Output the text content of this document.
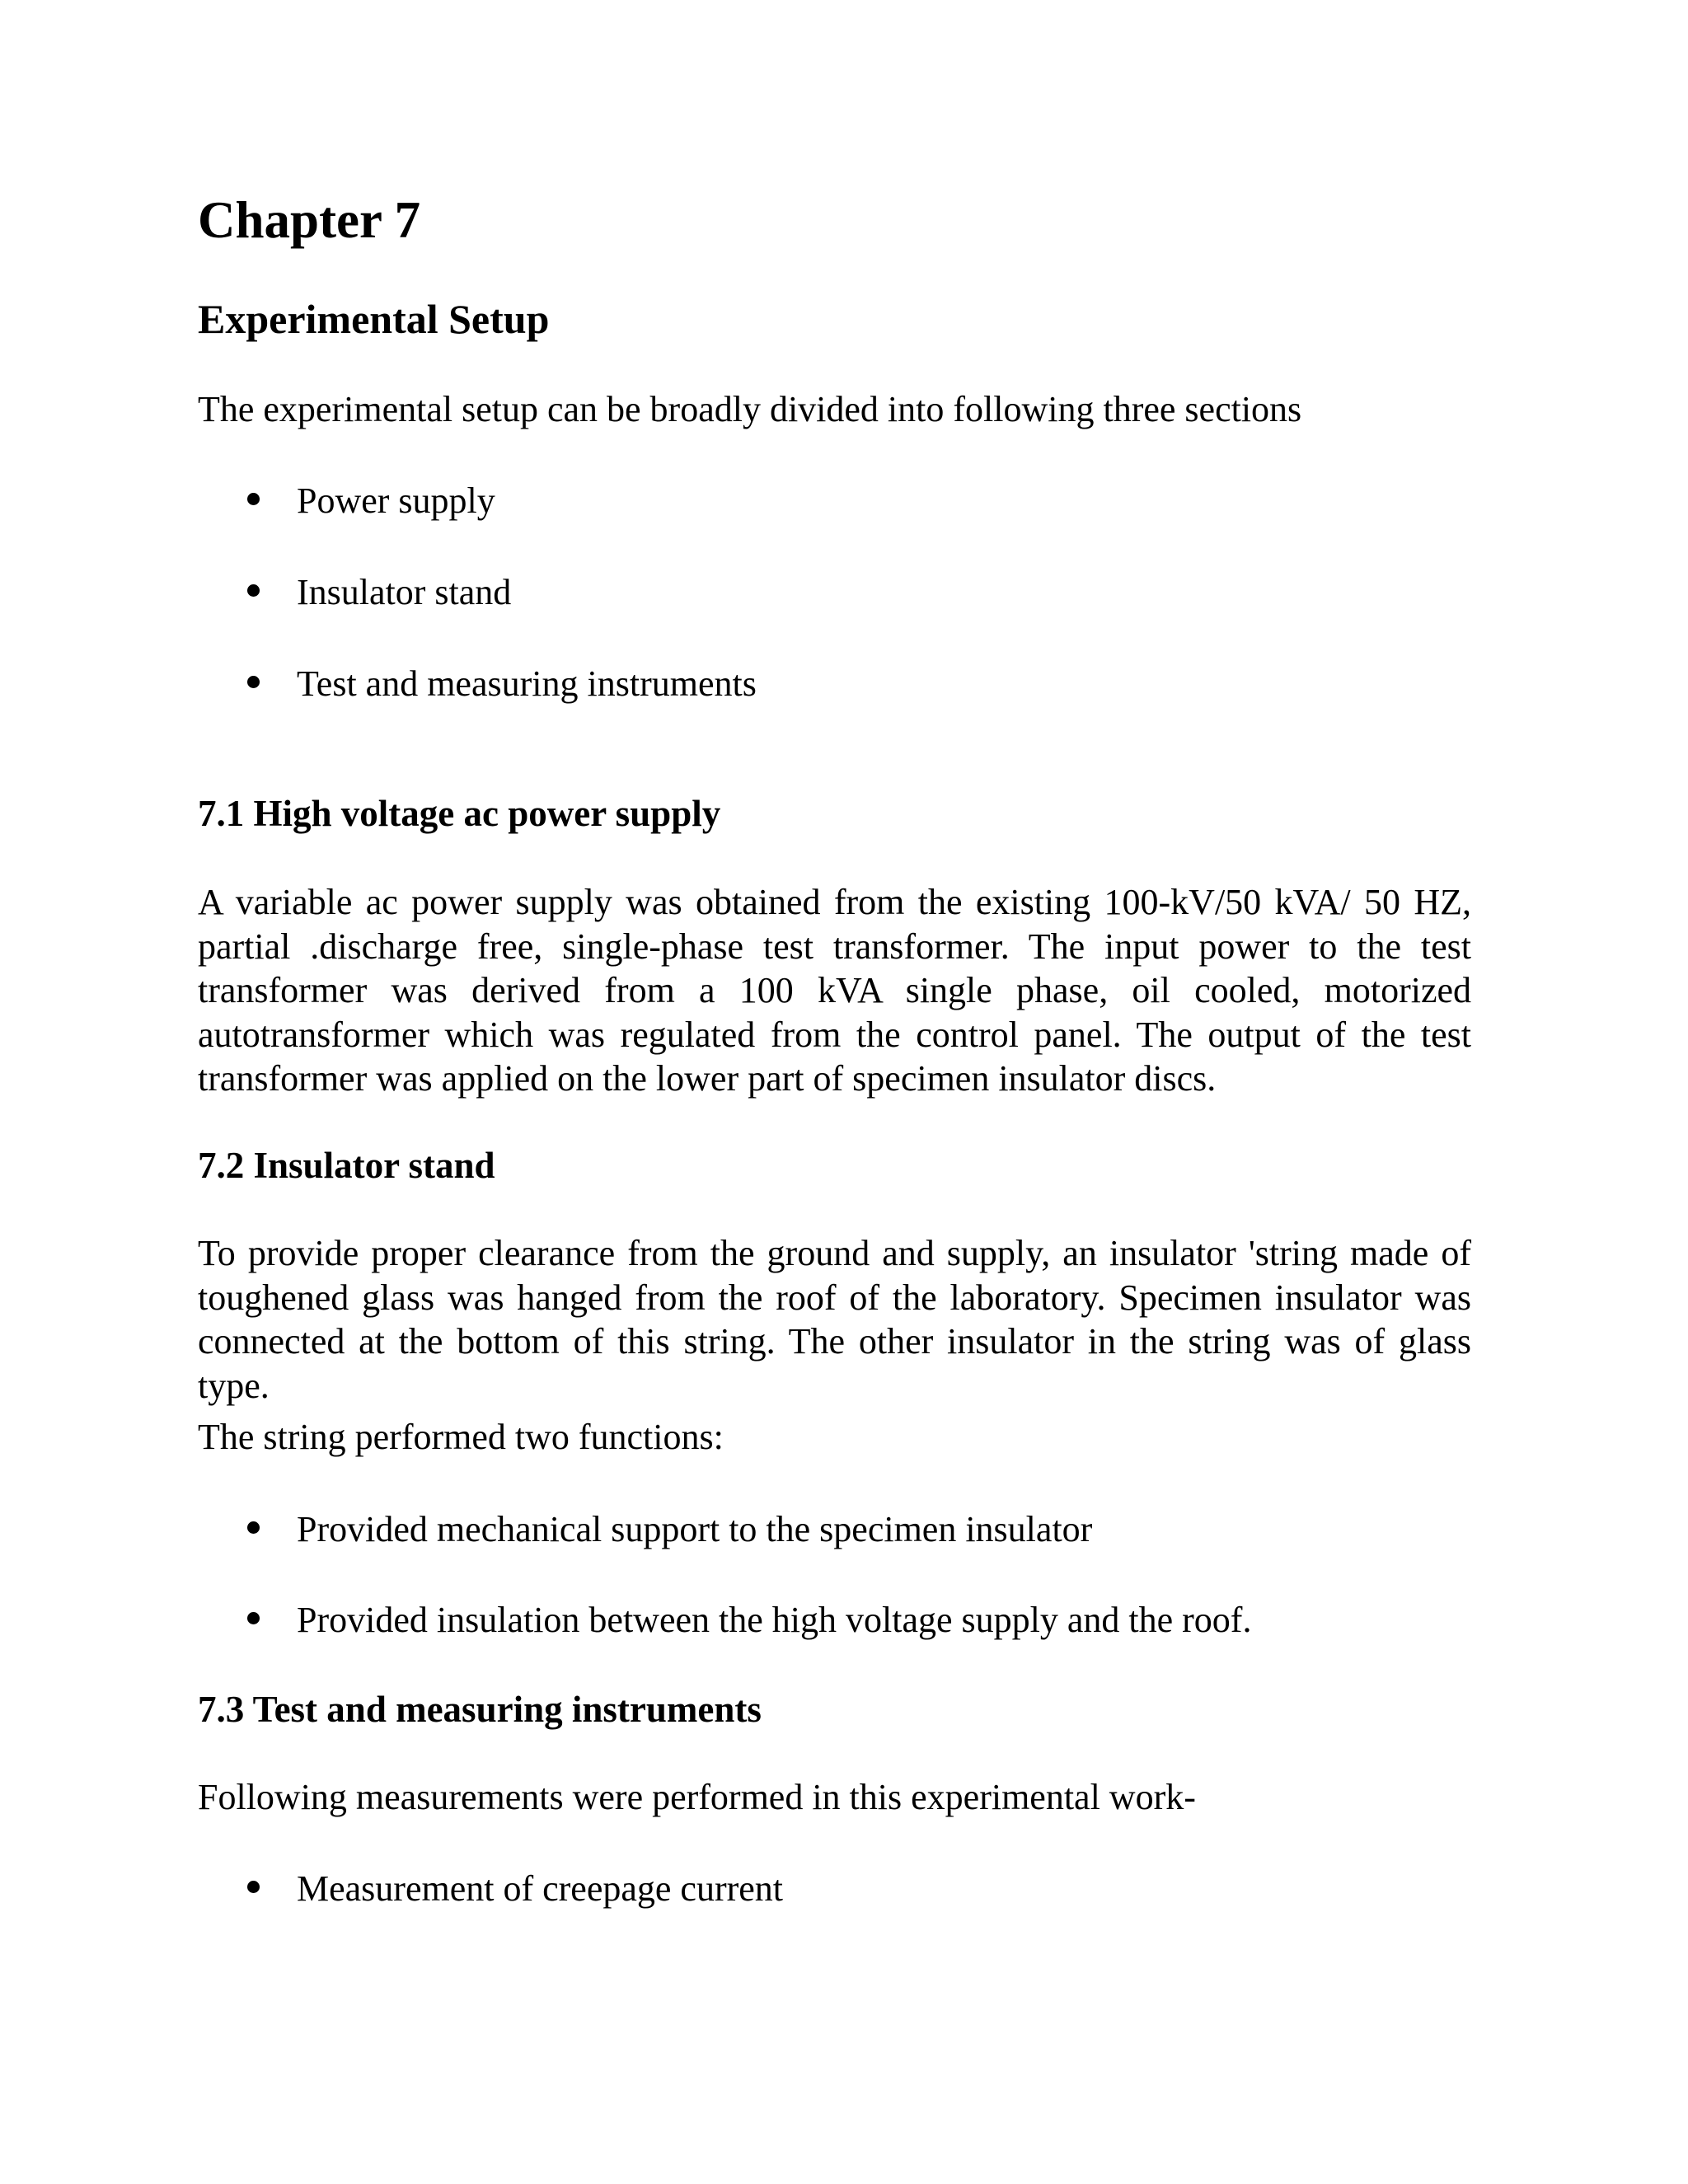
Chapter 7
Experimental Setup
The experimental setup can be broadly divided into following three sections
Power supply
Insulator stand
Test and measuring instruments
7.1 High voltage ac power supply
A variable ac power supply was obtained from the existing 100-kV/50 kVA/ 50 HZ, partial .discharge free, single-phase test transformer. The input power to the test transformer was derived from a 100 kVA single phase, oil cooled, motorized autotransformer which was regulated from the control panel. The output of the test transformer was applied on the lower part of specimen insulator discs.
7.2 Insulator stand
To provide proper clearance from the ground and supply, an insulator 'string made of toughened glass was hanged from the roof of the laboratory. Specimen insulator was connected at the bottom of this string. The other insulator in the string was of glass type.
The string performed two functions:
Provided mechanical support to the specimen insulator
Provided insulation between the high voltage supply and the roof.
7.3 Test and measuring instruments
Following measurements were performed in this experimental work-
Measurement of creepage current
